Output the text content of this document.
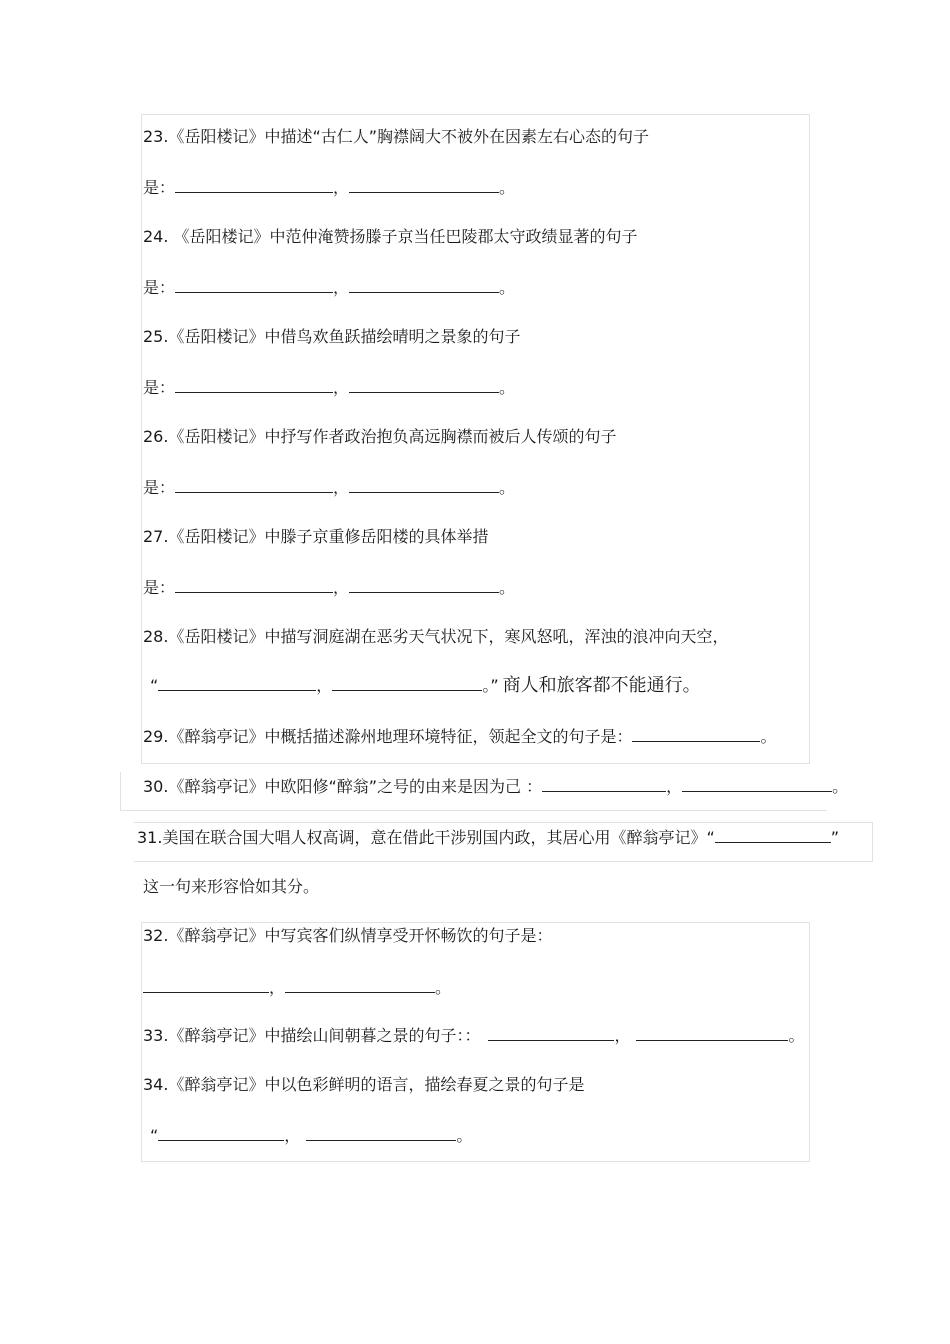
23.《岳阳楼记》中描述“古仁人”胸襟阔大不被外在因素左右心态的句子
是：	，	。
24. 《岳阳楼记》中范仲淹赞扬滕子京当任巴陵郡太守政绩显著的句子
是：	，	。
25.《岳阳楼记》中借鸟欢鱼跃描绘晴明之景象的句子
是：	，	。
26.《岳阳楼记》中抒写作者政治抱负高远胸襟而被后人传颂的句子
是：	，	。
27.《岳阳楼记》中滕子京重修岳阳楼的具体举措
是：	，	。
28.《岳阳楼记》中描写洞庭湖在恶劣天气状况下，寒风怒吼，浑浊的浪冲向天空，
“	，	。” 商人和旅客都不能通行。
29.《醉翁亭记》中概括描述滁州地理环境特征，领起全文的句子是：	。
30.《醉翁亭记》中欧阳修“醉翁”之号的由来是因为己 ：	，	。
31.美国在联合国大唱人权高调，意在借此干涉别国内政，其居心用《醉翁亭记》“	”
这一句来形容恰如其分。
32.《醉翁亭记》中写宾客们纵情享受开怀畅饮的句子是：
，	。
33.《醉翁亭记》中描绘山间朝暮之景的句子：：	，	。
34.《醉翁亭记》中以色彩鲜明的语言，描绘春夏之景的句子是
“	，	。
